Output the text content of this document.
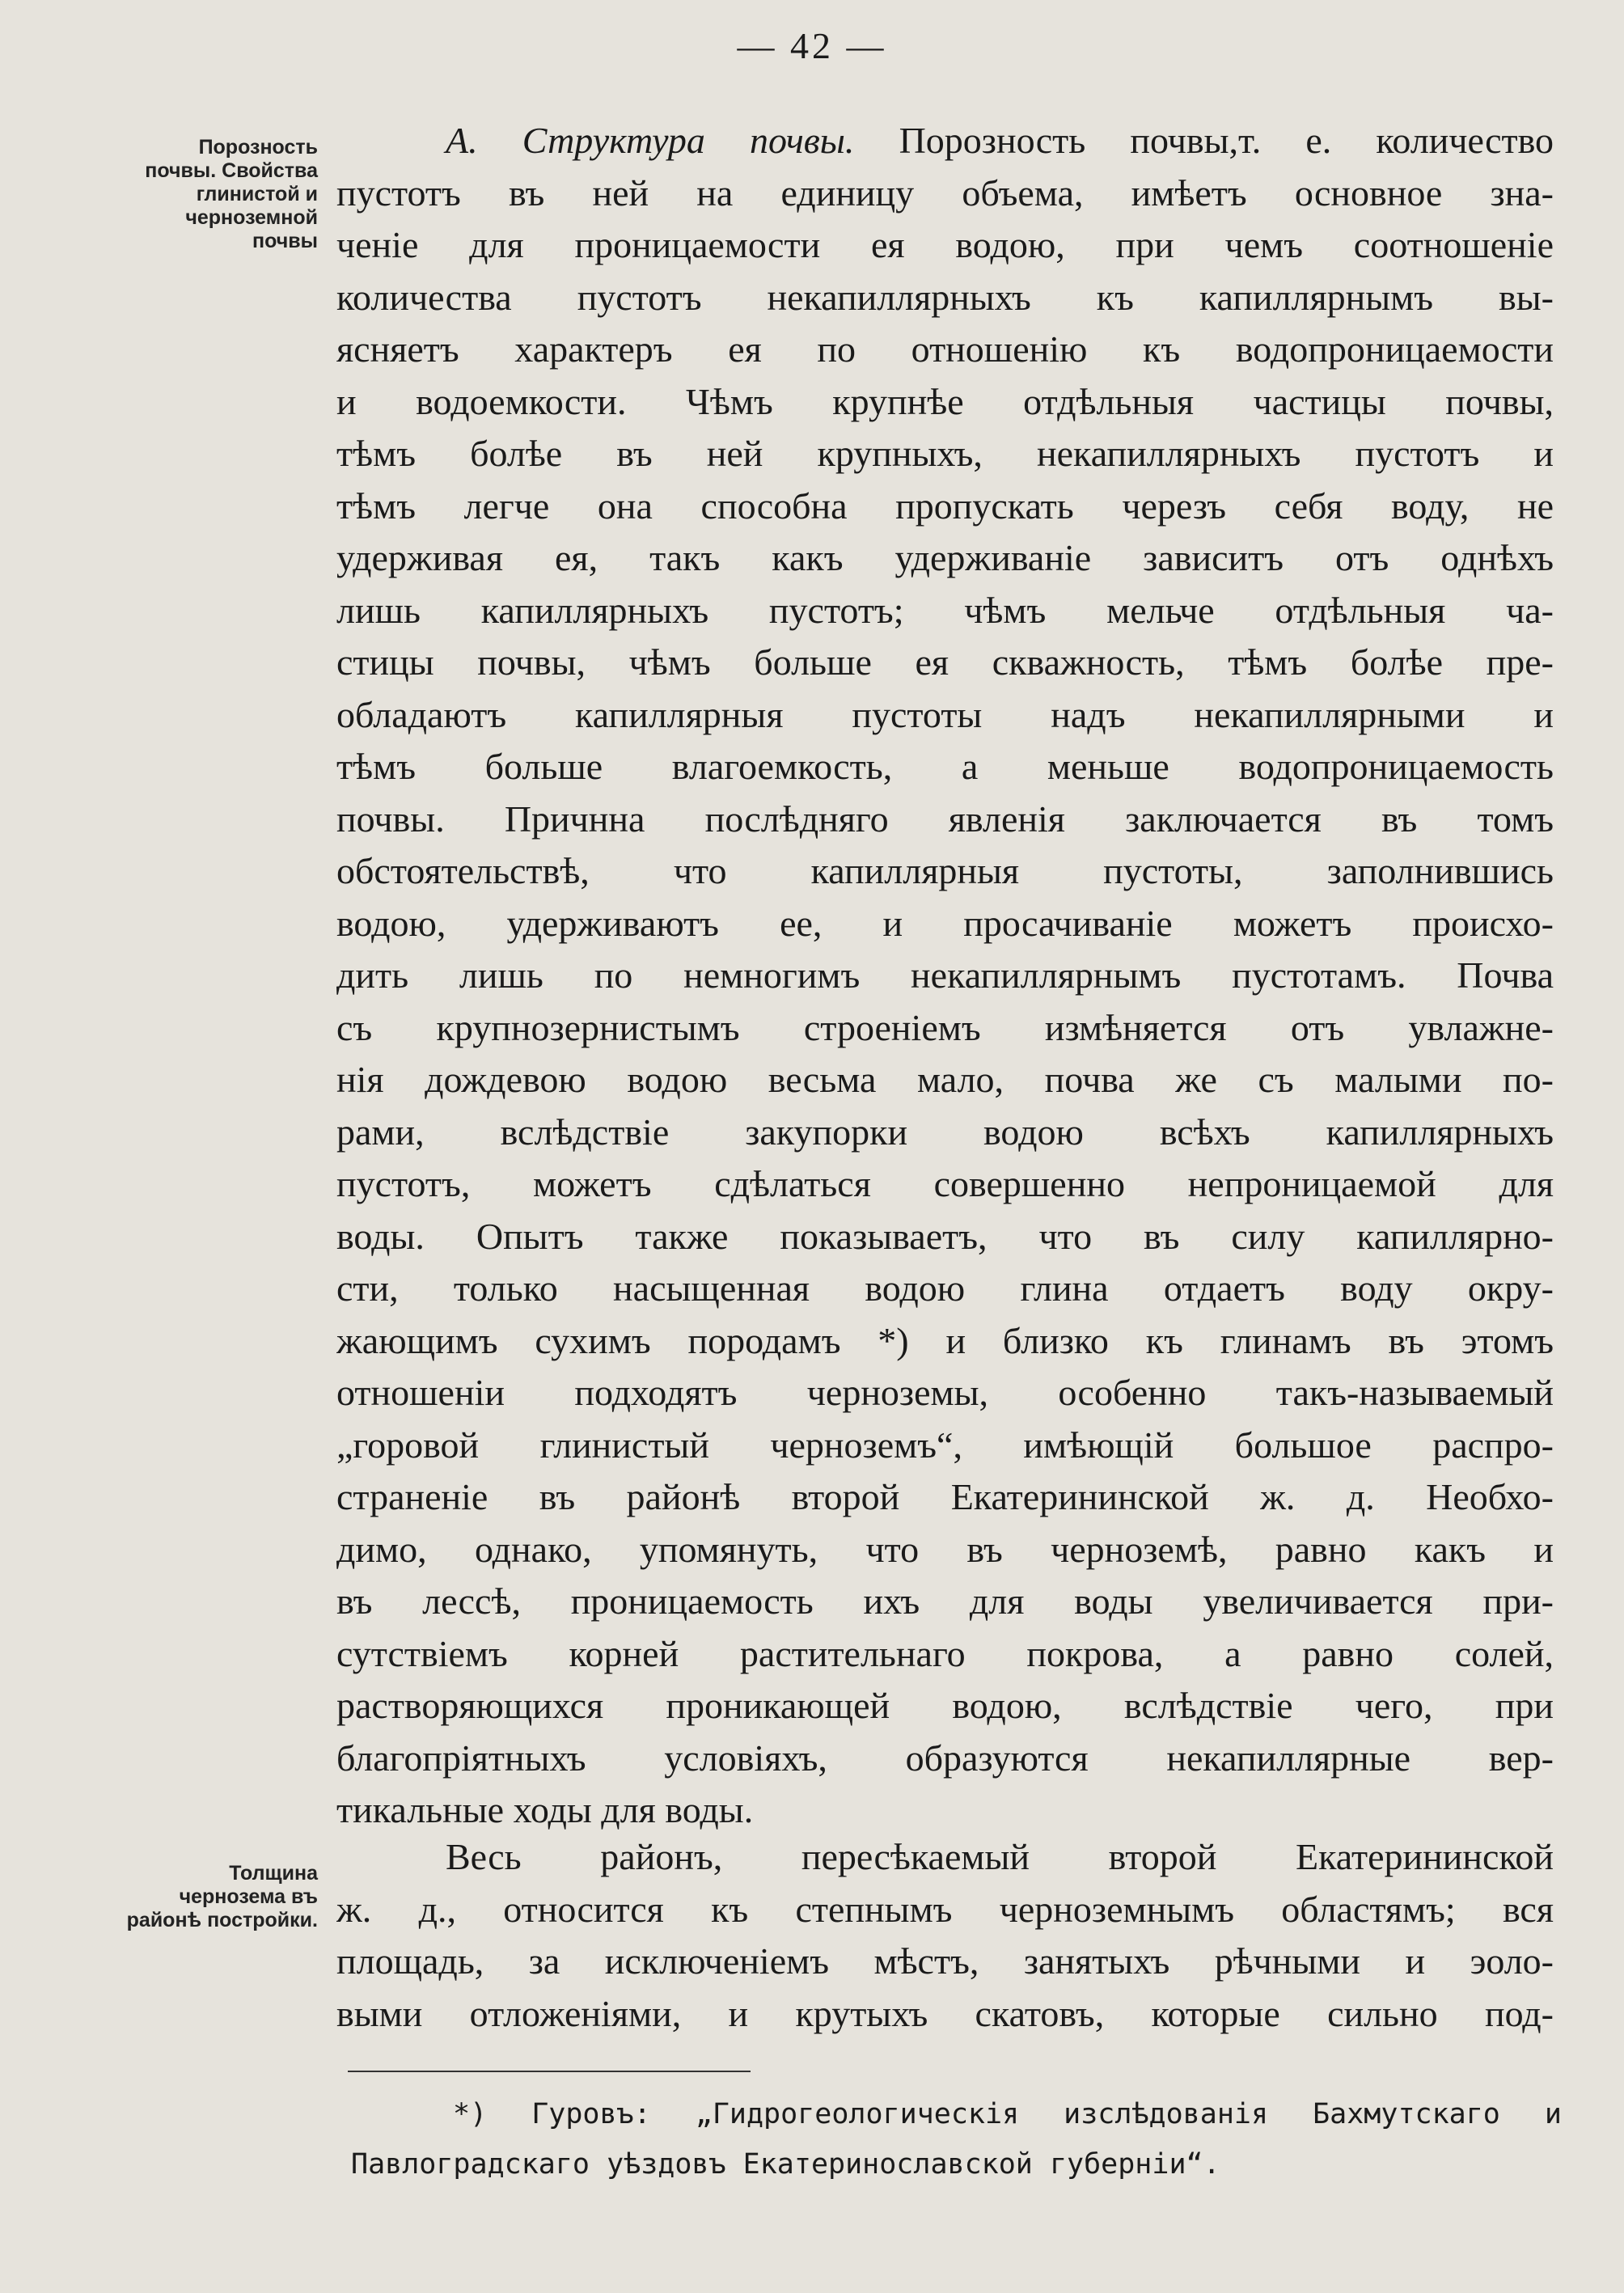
— 42 —
Порозность почвы. Свойства глинистой и черноземной почвы
А. Структура почвы. Порозность почвы,т. е. количество
пустотъ въ ней на единицу объема, имѣетъ основное зна-
ченіе для проницаемости ея водою, при чемъ соотношеніе
количества пустотъ некапиллярныхъ къ капиллярнымъ вы-
ясняетъ характеръ ея по отношенію къ водопроницаемости
и водоемкости. Чѣмъ крупнѣе отдѣльныя частицы почвы,
тѣмъ болѣе въ ней крупныхъ, некапиллярныхъ пустотъ и
тѣмъ легче она способна пропускать черезъ себя воду, не
удерживая ея, такъ какъ удерживаніе зависитъ отъ однѣхъ
лишь капиллярныхъ пустотъ; чѣмъ мельче отдѣльныя ча-
стицы почвы, чѣмъ больше ея скважность, тѣмъ болѣе пре-
обладаютъ капиллярныя пустоты надъ некапиллярными и
тѣмъ больше влагоемкость, а меньше водопроницаемость
почвы. Причнна послѣдняго явленія заключается въ томъ
обстоятельствѣ, что капиллярныя пустоты, заполнившись
водою, удерживаютъ ее, и просачиваніе можетъ происхо-
дить лишь по немногимъ некапиллярнымъ пустотамъ. Почва
съ крупнозернистымъ строеніемъ измѣняется отъ увлажне-
нія дождевою водою весьма мало, почва же съ малыми по-
рами, вслѣдствіе закупорки водою всѣхъ капиллярныхъ
пустотъ, можетъ сдѣлаться совершенно непроницаемой для
воды. Опытъ также показываетъ, что въ силу капиллярно-
сти, только насыщенная водою глина отдаетъ воду окру-
жающимъ сухимъ породамъ *) и близко къ глинамъ въ этомъ
отношеніи подходятъ черноземы, особенно такъ-называемый
„горовой глинистый черноземъ“, имѣющій большое распро-
страненіе въ районѣ второй Екатерининской ж. д. Необхо-
димо, однако, упомянуть, что въ черноземѣ, равно какъ и
въ лессѣ, проницаемость ихъ для воды увеличивается при-
сутствіемъ корней растительнаго покрова, а равно солей,
растворяющихся проникающей водою, вслѣдствіе чего, при
благопріятныхъ условіяхъ, образуются некапиллярные вер-
тикальные ходы для воды.
Толщина чернозема въ районѣ постройки.
Весь районъ, пересѣкаемый второй Екатерининской
ж. д., относится къ степнымъ черноземнымъ областямъ; вся
площадь, за исключеніемъ мѣстъ, занятыхъ рѣчными и эоло-
выми отложеніями, и крутыхъ скатовъ, которые сильно под-
*) Гуровъ: „Гидрогеологическія изслѣдованія Бахмутскаго и
Павлоградскаго уѣздовъ Екатеринославской губерніи“.
